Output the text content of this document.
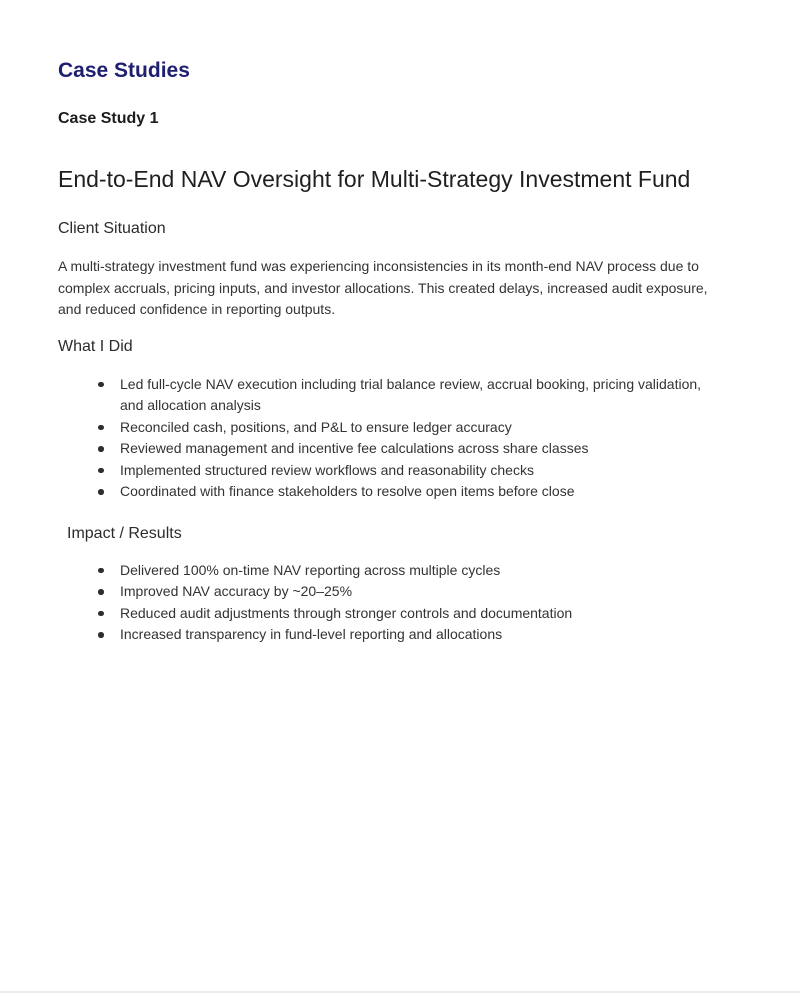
Case Studies
Case Study 1
End-to-End NAV Oversight for Multi-Strategy Investment Fund
Client Situation

A multi-strategy investment fund was experiencing inconsistencies in its month-end NAV process due to complex accruals, pricing inputs, and investor allocations. This created delays, increased audit exposure, and reduced confidence in reporting outputs.

What I Did
Led full-cycle NAV execution including trial balance review, accrual booking, pricing validation, and allocation analysis
Reconciled cash, positions, and P&L to ensure ledger accuracy
Reviewed management and incentive fee calculations across share classes
Implemented structured review workflows and reasonability checks
Coordinated with finance stakeholders to resolve open items before close
Impact / Results
Delivered 100% on-time NAV reporting across multiple cycles
Improved NAV accuracy by ~20–25%
Reduced audit adjustments through stronger controls and documentation
Increased transparency in fund-level reporting and allocations
